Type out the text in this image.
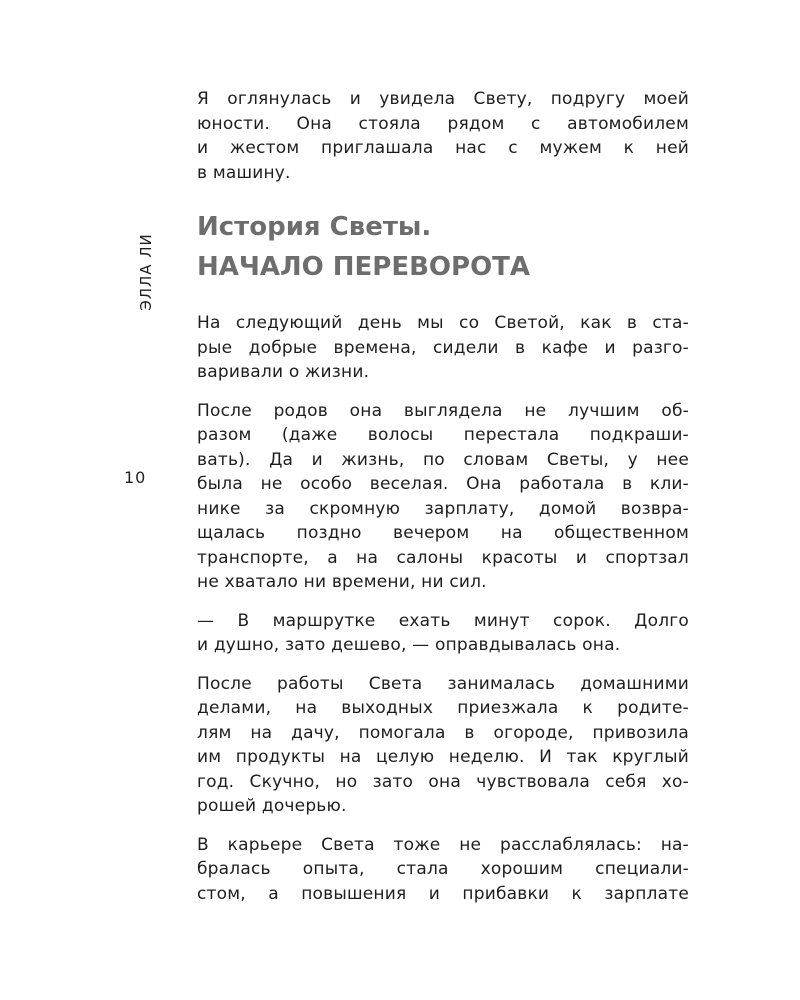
ЭЛЛА ЛИ
10

Я оглянулась и увидела Свету, подругу моей
юности. Она стояла рядом с автомобилем
и жестом приглашала нас с мужем к ней
в машину.

История Светы.
НАЧАЛО ПЕРЕВОРОТА

На следующий день мы со Светой, как в ста-
рые добрые времена, сидели в кафе и разго-
варивали о жизни.

После родов она выглядела не лучшим об-
разом (даже волосы перестала подкраши-
вать). Да и жизнь, по словам Светы, у нее
была не особо веселая. Она работала в кли-
нике за скромную зарплату, домой возвра-
щалась поздно вечером на общественном
транспорте, а на салоны красоты и спортзал
не хватало ни времени, ни сил.

— В маршрутке ехать минут сорок. Долго
и душно, зато дешево, — оправдывалась она.

После работы Света занималась домашними
делами, на выходных приезжала к родите-
лям на дачу, помогала в огороде, привозила
им продукты на целую неделю. И так круглый
год. Скучно, но зато она чувствовала себя хо-
рошей дочерью.

В карьере Света тоже не расслаблялась: на-
бралась опыта, стала хорошим специали-
стом, а повышения и прибавки к зарплате
